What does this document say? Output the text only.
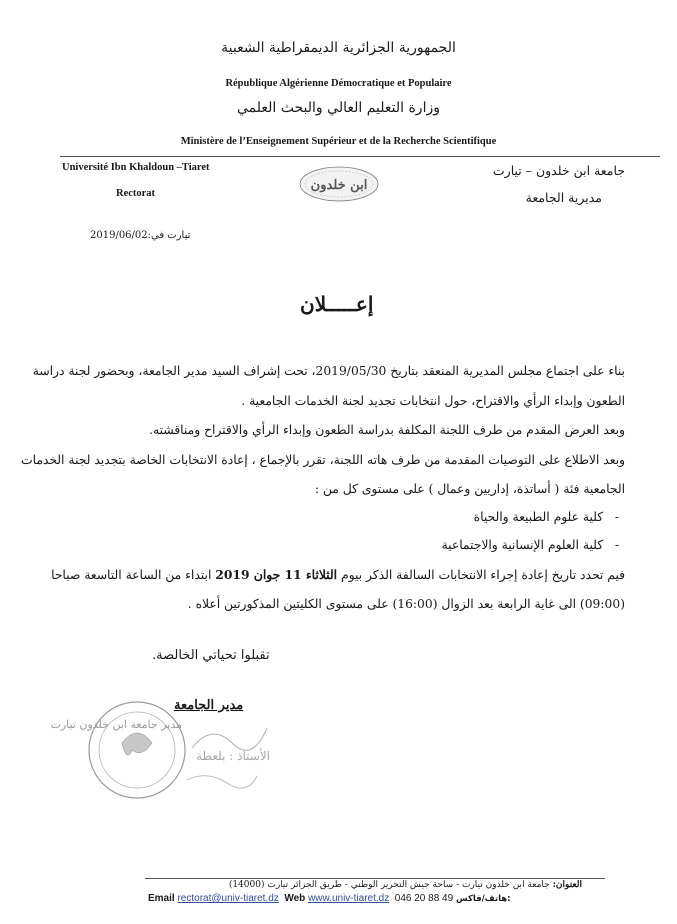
الجمهورية الجزائرية الديمقراطية الشعبية
République Algérienne Démocratique et Populaire
وزارة التعليم العالي والبحث العلمي
Ministère de l’Enseignement Supérieur et de la Recherche Scientifique
Université Ibn Khaldoun –Tiaret
Rectorat
جامعة ابن خلدون – تيارت
مديرية الجامعة
ابن خلدون
تيارت في:2019/06/02
إعـــــلان
بناء على اجتماع مجلس المديرية المنعقد بتاريخ 2019/05/30، تحت إشراف السيد مدير الجامعة، وبحضور لجنة دراسة
الطعون وإبداء الرأي والاقتراح، حول انتخابات تجديد لجنة الخدمات الجامعية .
وبعد العرض المقدم من طرف اللجنة المكلفة بدراسة الطعون وإبداء الرأي والاقتراح ومناقشته.
وبعد الاطلاع على التوصيات المقدمة من طرف هاته اللجنة، تقرر بالإجماع ، إعادة الانتخابات الخاصة بتجديد لجنة الخدمات
الجامعية فئة ( أساتذة، إداريين وعمال ) على مستوى كل من :
-   كلية علوم الطبيعة والحياة
-   كلية العلوم الإنسانية والاجتماعية
فيم تحدد تاريخ إعادة إجراء الانتخابات السالفة الذكر بيوم الثلاثاء 11 جوان 2019 ابتداء من الساعة التاسعة صباحا
(09:00) الى غاية الرابعة بعد الزوال (16:00) على مستوى الكليتين المذكورتين أعلاه .
تقبلوا تحياتي الخالصة.
مدير الجامعة
مدير جامعة ابن خلدون تيارت
الأستاذ : بلعطة
العنوان: جامعة ابن خلدون تيارت - ساحة جيش التحرير الوطني - طريق الجزائر تيارت (14000)
Email rectorat@univ-tiaret.dz Web www.univ-tiaret.dz 046 20 88 49 هاتف/فاكس:
